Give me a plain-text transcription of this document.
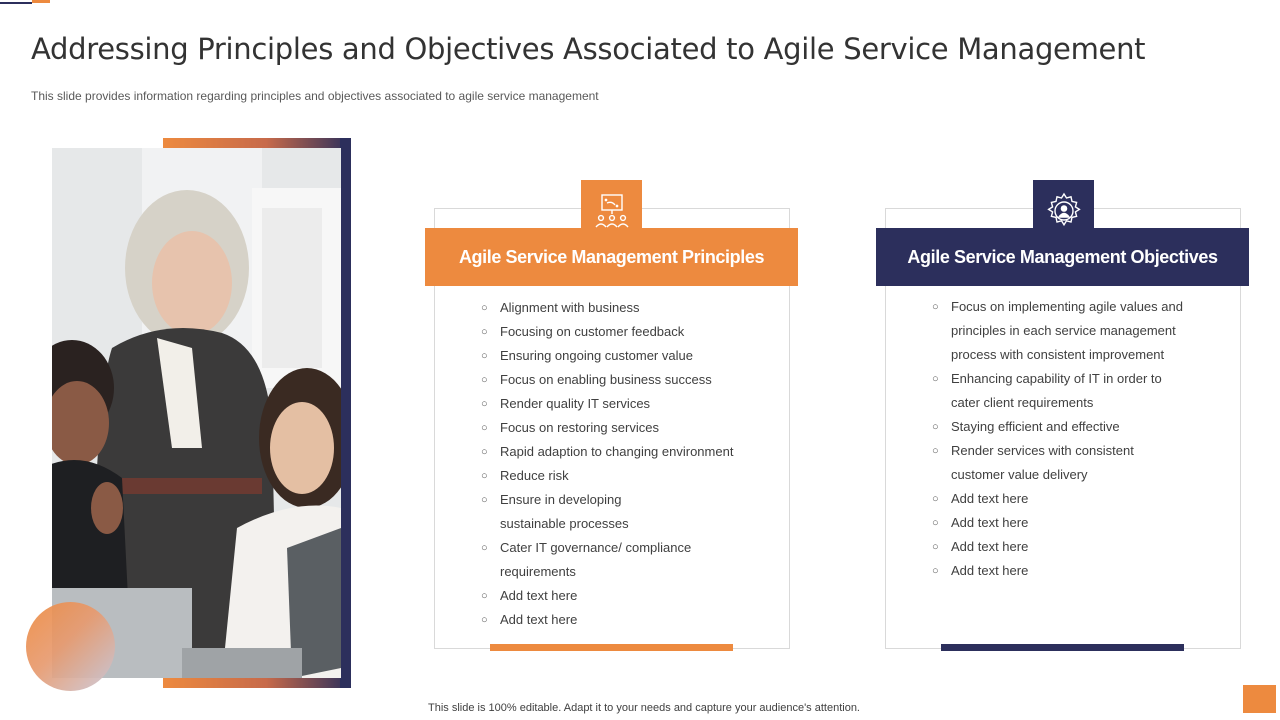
Addressing Principles and Objectives Associated to Agile Service Management

This slide provides information regarding principles and objectives associated to agile service management

Agile Service Management Principles
○ Alignment with business
○ Focusing on customer feedback
○ Ensuring ongoing customer value
○ Focus on enabling business success
○ Render quality IT services
○ Focus on restoring services
○ Rapid adaption to changing environment
○ Reduce risk
○ Ensure in developing sustainable processes
○ Cater IT governance/ compliance requirements
○ Add text here
○ Add text here
Agile Service Management Objectives
○ Focus on implementing agile values and principles in each service management process with consistent improvement
○ Enhancing capability of IT in order to cater client requirements
○ Staying efficient and effective
○ Render services with consistent customer value delivery
○ Add text here
○ Add text here
○ Add text here
○ Add text here

This slide is 100% editable. Adapt it to your needs and capture your audience's attention.
